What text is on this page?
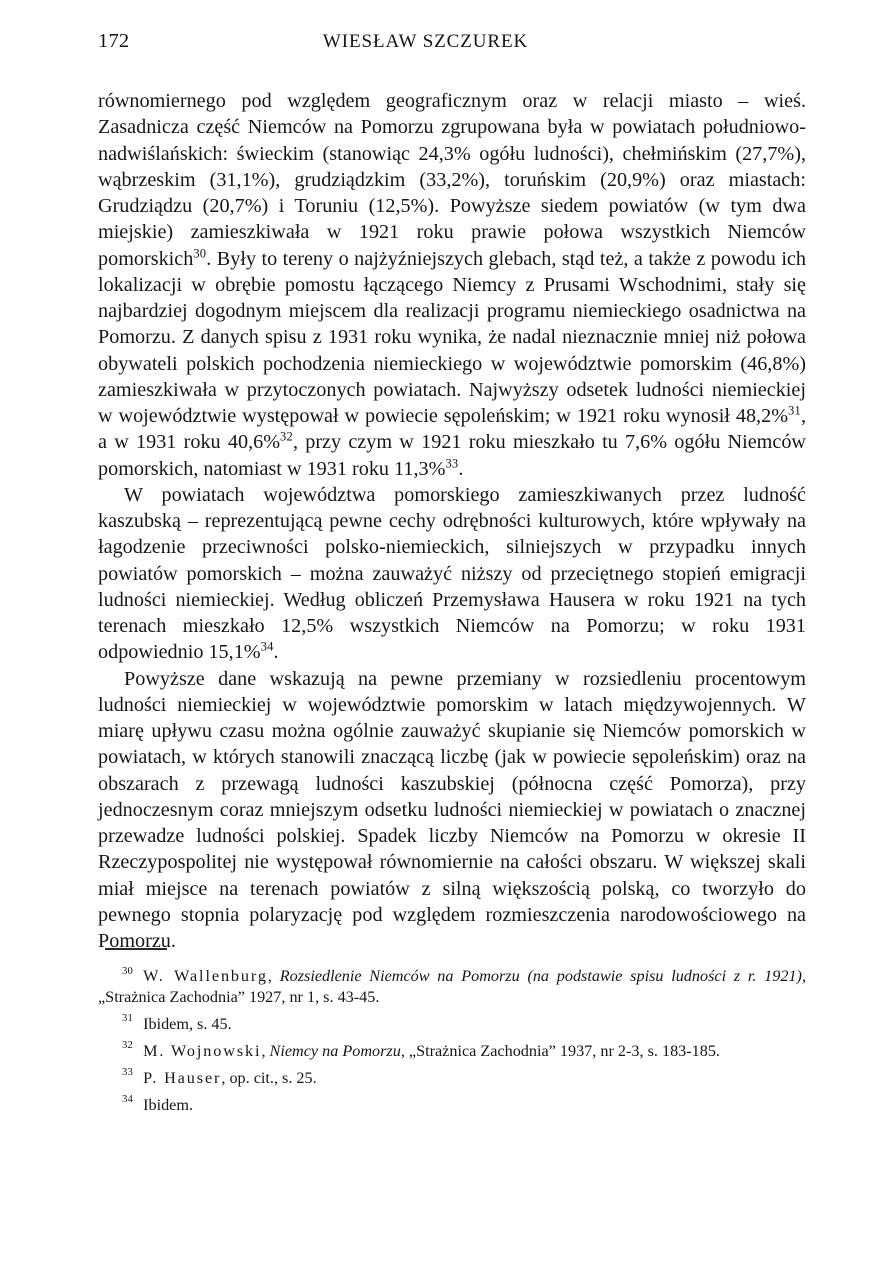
172	WIESŁAW SZCZUREK

równomiernego pod względem geograficznym oraz w relacji miasto – wieś. Zasadnicza część Niemców na Pomorzu zgrupowana była w powiatach południowo-nadwiślańskich: świeckim (stanowiąc 24,3% ogółu ludności), chełmińskim (27,7%), wąbrzeskim (31,1%), grudziądzkim (33,2%), toruńskim (20,9%) oraz miastach: Grudziądzu (20,7%) i Toruniu (12,5%). Powyższe siedem powiatów (w tym dwa miejskie) zamieszkiwała w 1921 roku prawie połowa wszystkich Niemców pomorskich$^{30}$. Były to tereny o najżyźniejszych glebach, stąd też, a także z powodu ich lokalizacji w obrębie pomostu łączącego Niemcy z Prusami Wschodnimi, stały się najbardziej dogodnym miejscem dla realizacji programu niemieckiego osadnictwa na Pomorzu. Z danych spisu z 1931 roku wynika, że nadal nieznacznie mniej niż połowa obywateli polskich pochodzenia niemieckiego w województwie pomorskim (46,8%) zamieszkiwała w przytoczonych powiatach. Najwyższy odsetek ludności niemieckiej w województwie występował w powiecie sępoleńskim; w 1921 roku wynosił 48,2%$^{31}$, a w 1931 roku 40,6%$^{32}$, przy czym w 1921 roku mieszkało tu 7,6% ogółu Niemców pomorskich, natomiast w 1931 roku 11,3%$^{33}$.

W powiatach województwa pomorskiego zamieszkiwanych przez ludność kaszubską – reprezentującą pewne cechy odrębności kulturowych, które wpływały na łagodzenie przeciwności polsko-niemieckich, silniejszych w przypadku innych powiatów pomorskich – można zauważyć niższy od przeciętnego stopień emigracji ludności niemieckiej. Według obliczeń Przemysława Hausera w roku 1921 na tych terenach mieszkało 12,5% wszystkich Niemców na Pomorzu; w roku 1931 odpowiednio 15,1%$^{34}$.

Powyższe dane wskazują na pewne przemiany w rozsiedleniu procentowym ludności niemieckiej w województwie pomorskim w latach międzywojennych. W miarę upływu czasu można ogólnie zauważyć skupianie się Niemców pomorskich w powiatach, w których stanowili znaczącą liczbę (jak w powiecie sępoleńskim) oraz na obszarach z przewagą ludności kaszubskiej (północna część Pomorza), przy jednoczesnym coraz mniejszym odsetku ludności niemieckiej w powiatach o znacznej przewadze ludności polskiej. Spadek liczby Niemców na Pomorzu w okresie II Rzeczypospolitej nie występował równomiernie na całości obszaru. W większej skali miał miejsce na terenach powiatów z silną większością polską, co tworzyło do pewnego stopnia polaryzację pod względem rozmieszczenia narodowościowego na Pomorzu.

$^{30}$ W. Wallenburg, Rozsiedlenie Niemców na Pomorzu (na podstawie spisu ludności z r. 1921), „Strażnica Zachodnia” 1927, nr 1, s. 43-45.

$^{31}$ Ibidem, s. 45.

$^{32}$ M. Wojnowski, Niemcy na Pomorzu, „Strażnica Zachodnia” 1937, nr 2-3, s. 183-185.

$^{33}$ P. Hauser, op. cit., s. 25.

$^{34}$ Ibidem.
